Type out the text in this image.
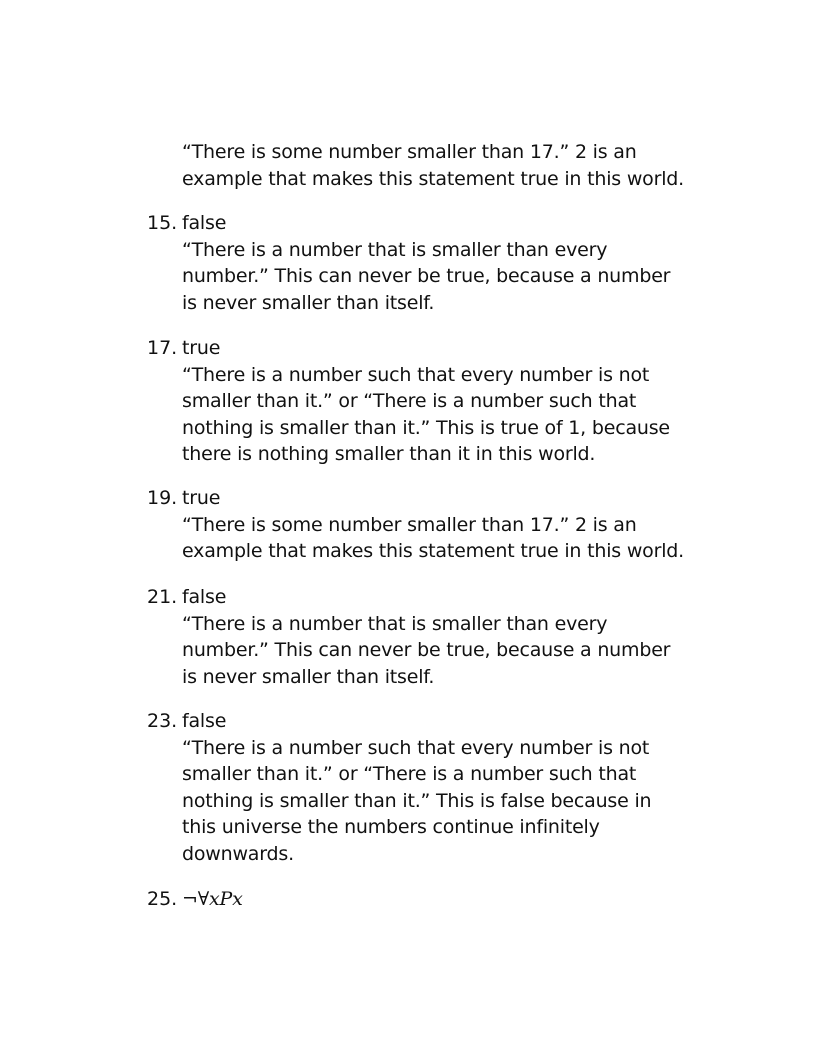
“There is some number smaller than 17.” 2 is an
example that makes this statement true in this world.
15. false
“There is a number that is smaller than every
number.” This can never be true, because a number
is never smaller than itself.
17. true
“There is a number such that every number is not
smaller than it.” or “There is a number such that
nothing is smaller than it.” This is true of 1, because
there is nothing smaller than it in this world.
19. true
“There is some number smaller than 17.” 2 is an
example that makes this statement true in this world.
21. false
“There is a number that is smaller than every
number.” This can never be true, because a number
is never smaller than itself.
23. false
“There is a number such that every number is not
smaller than it.” or “There is a number such that
nothing is smaller than it.” This is false because in
this universe the numbers continue infinitely
downwards.
25. ¬∀xPx
